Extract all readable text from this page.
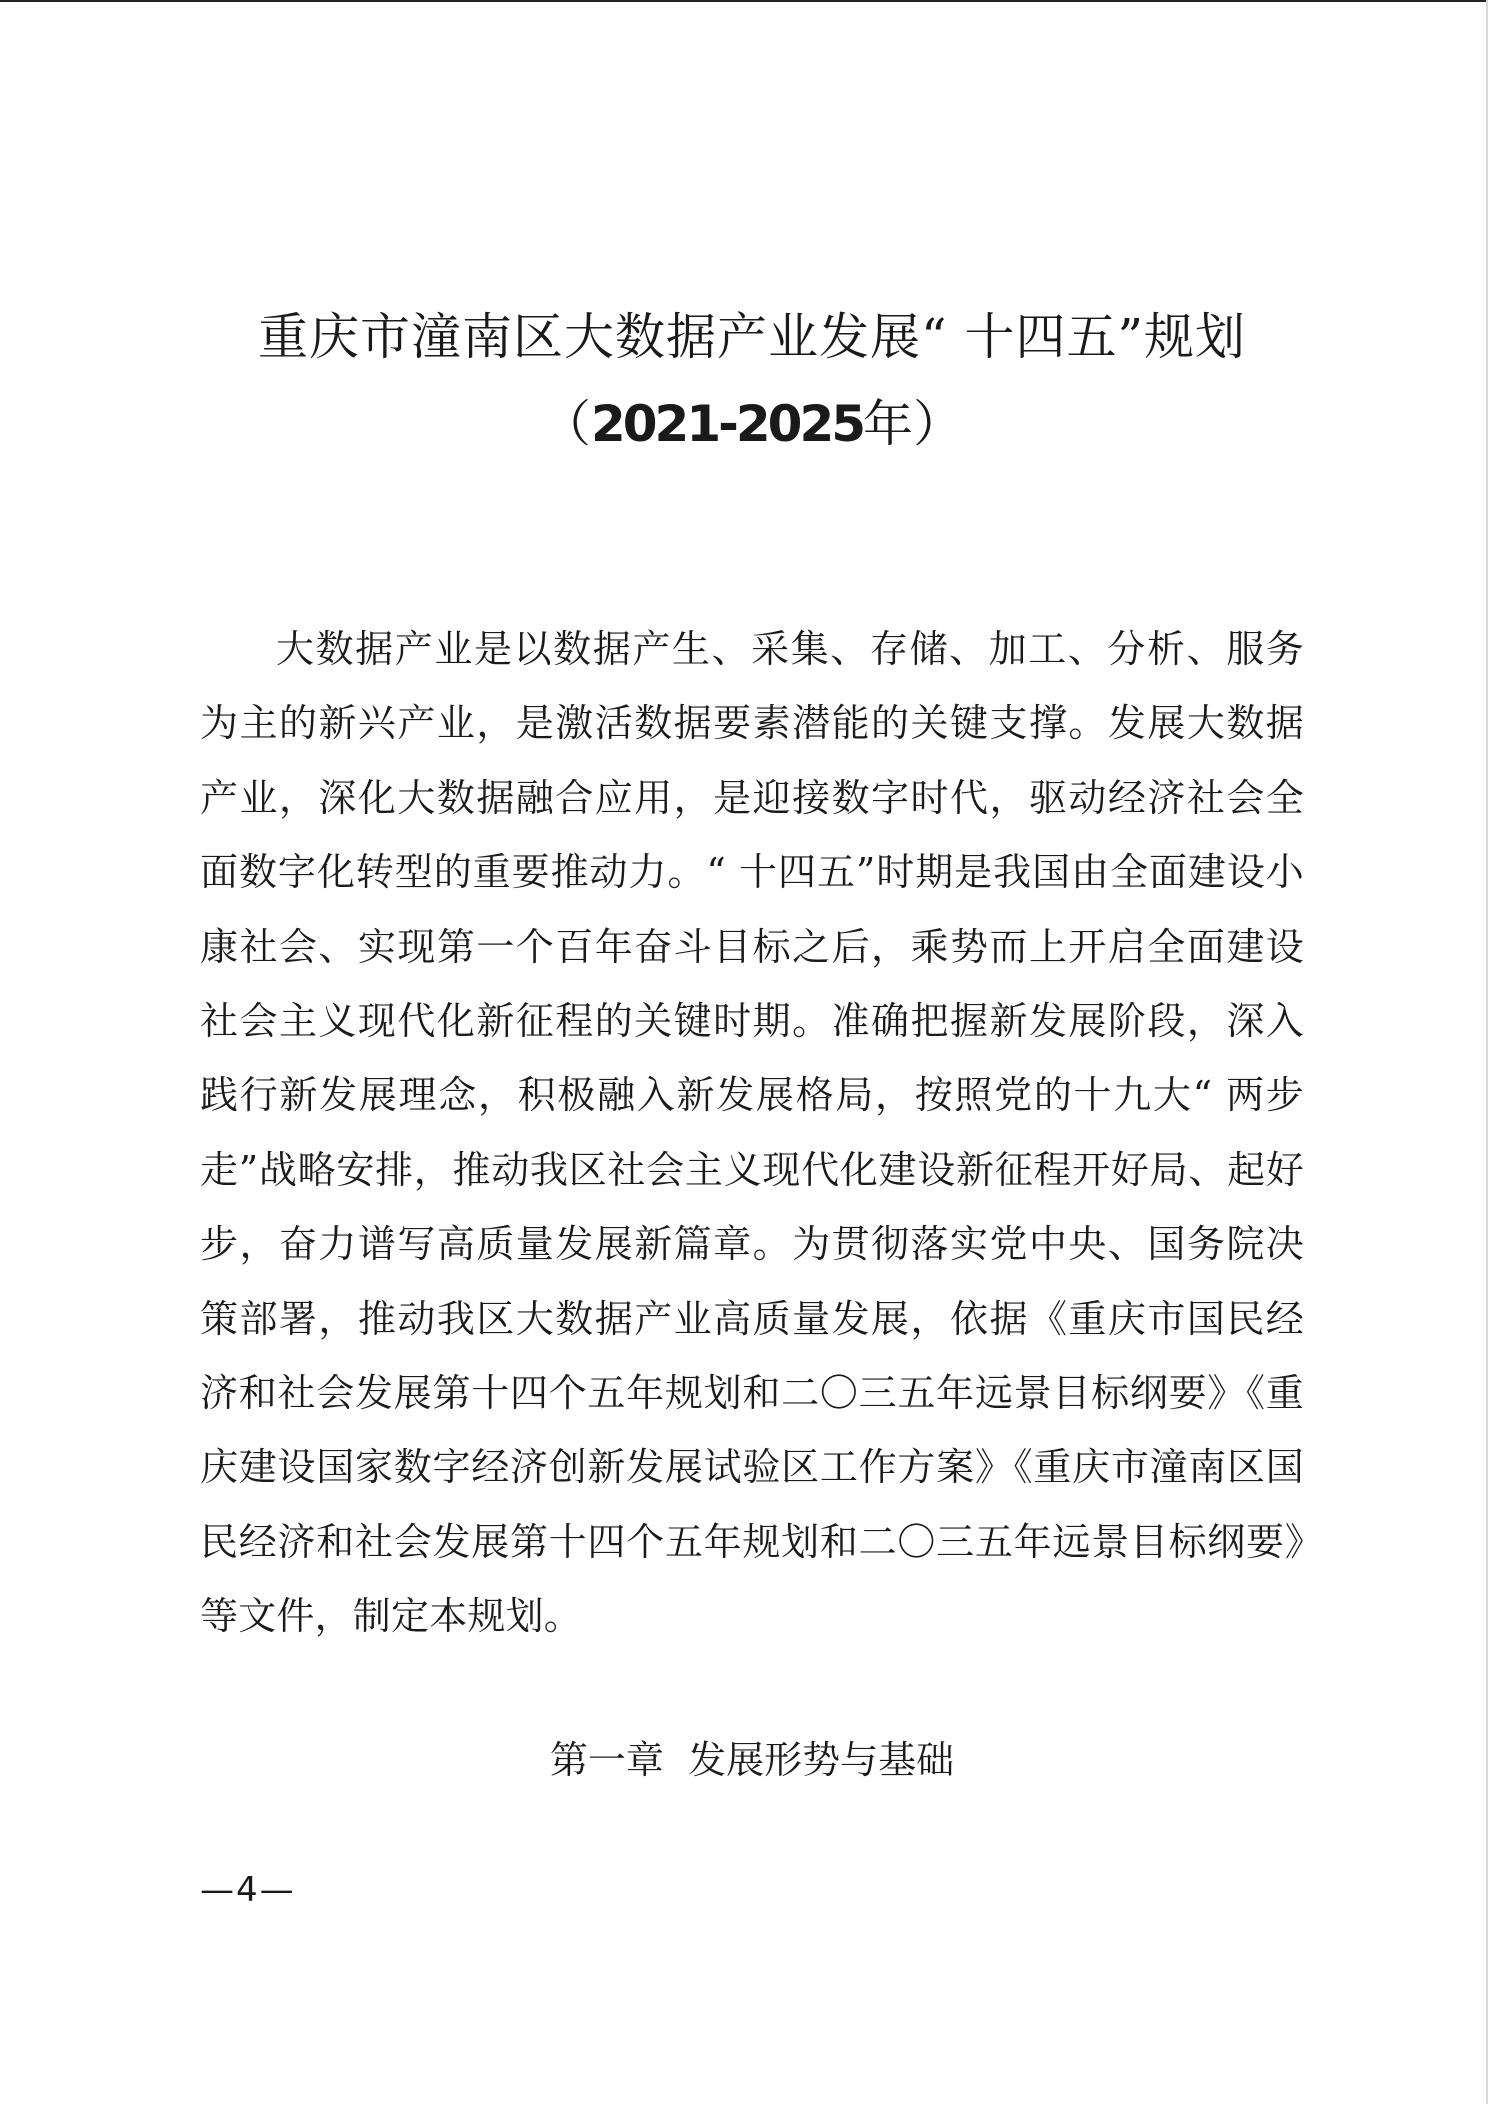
重庆市潼南区大数据产业发展“ 十四五”规划
（2021-2025年）

大数据产业是以数据产生、采集、存储、加工、分析、服务为主的新兴产业，是激活数据要素潜能的关键支撑。发展大数据产业，深化大数据融合应用，是迎接数字时代，驱动经济社会全面数字化转型的重要推动力。“ 十四五”时期是我国由全面建设小康社会、实现第一个百年奋斗目标之后，乘势而上开启全面建设社会主义现代化新征程的关键时期。准确把握新发展阶段，深入践行新发展理念，积极融入新发展格局，按照党的十九大“ 两步走”战略安排，推动我区社会主义现代化建设新征程开好局、起好步，奋力谱写高质量发展新篇章。为贯彻落实党中央、国务院决策部署，推动我区大数据产业高质量发展，依据《重庆市国民经济和社会发展第十四个五年规划和二〇三五年远景目标纲要》《重庆建设国家数字经济创新发展试验区工作方案》《重庆市潼南区国民经济和社会发展第十四个五年规划和二〇三五年远景目标纲要》等文件，制定本规划。

第一章  发展形势与基础
—4—
